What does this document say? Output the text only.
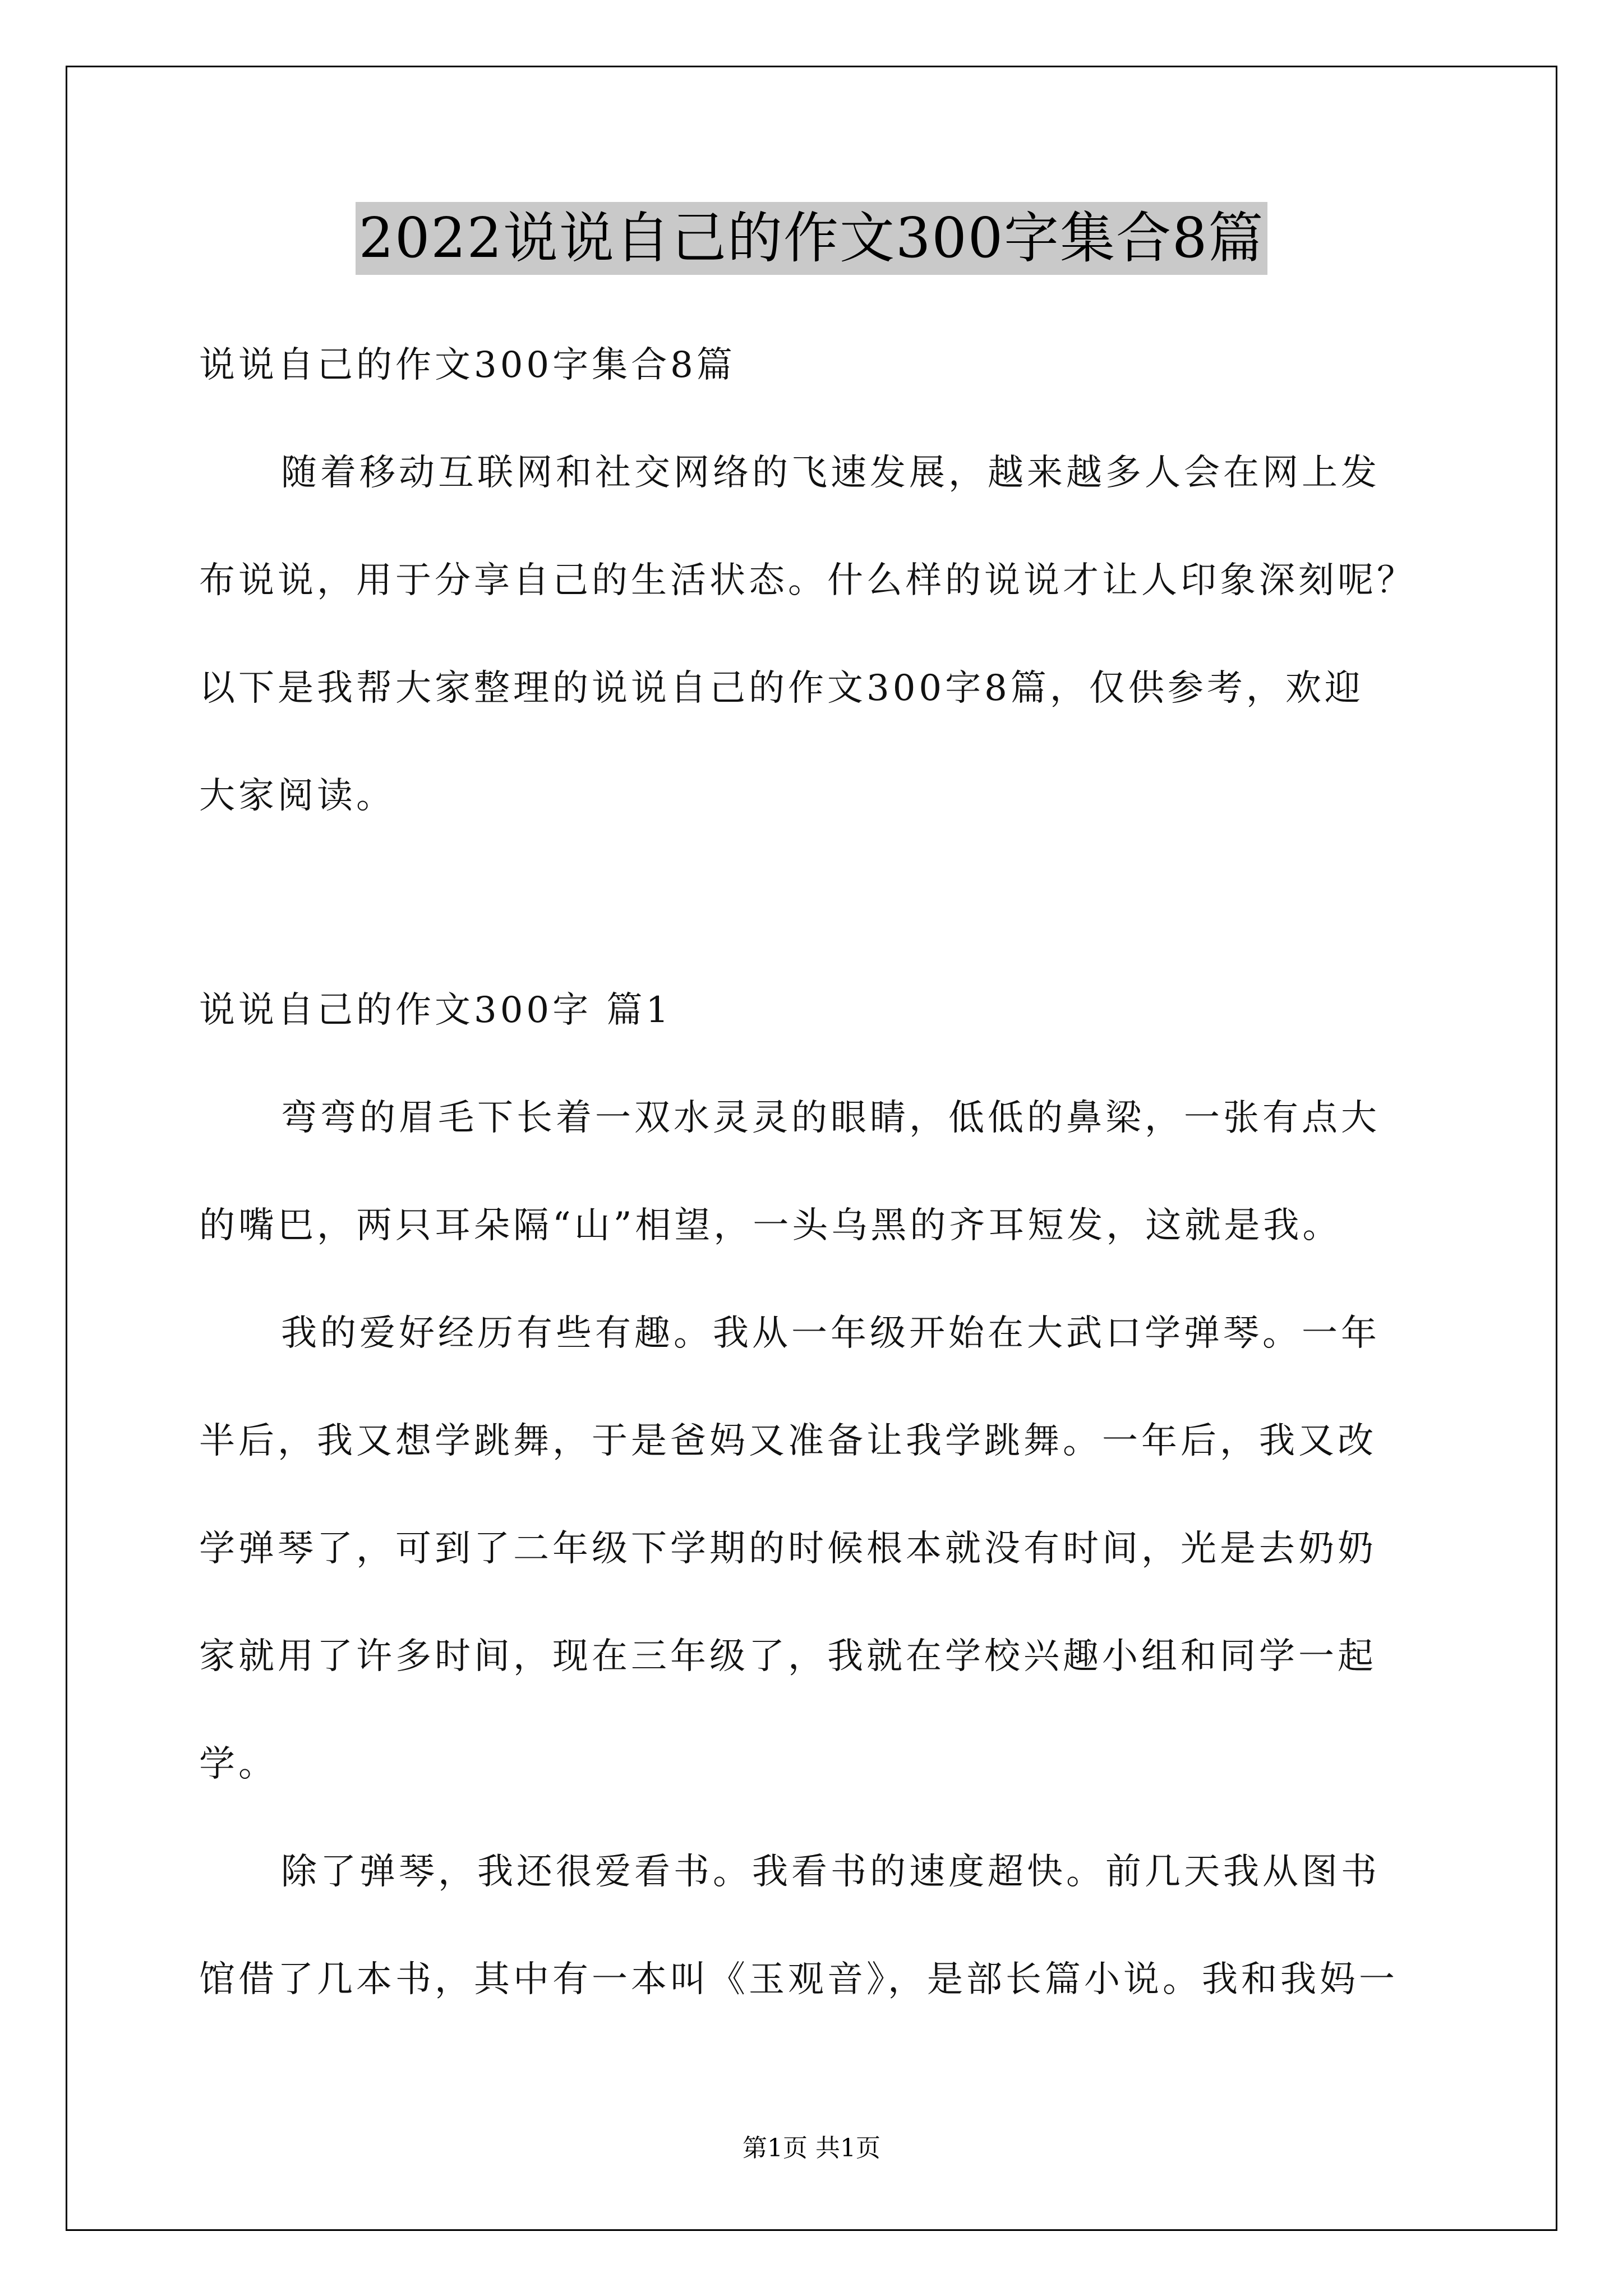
2022说说自己的作文300字集合8篇
说说自己的作文300字集合8篇
随着移动互联网和社交网络的飞速发展，越来越多人会在网上发
布说说，用于分享自己的生活状态。什么样的说说才让人印象深刻呢？
以下是我帮大家整理的说说自己的作文300字8篇，仅供参考，欢迎
大家阅读。
说说自己的作文300字 篇1
弯弯的眉毛下长着一双水灵灵的眼睛，低低的鼻梁，一张有点大
的嘴巴，两只耳朵隔“山”相望，一头乌黑的齐耳短发，这就是我。
我的爱好经历有些有趣。我从一年级开始在大武口学弹琴。一年
半后，我又想学跳舞，于是爸妈又准备让我学跳舞。一年后，我又改
学弹琴了，可到了二年级下学期的时候根本就没有时间，光是去奶奶
家就用了许多时间，现在三年级了，我就在学校兴趣小组和同学一起
学。
除了弹琴，我还很爱看书。我看书的速度超快。前几天我从图书
馆借了几本书，其中有一本叫《玉观音》，是部长篇小说。我和我妈一
第1页 共1页
